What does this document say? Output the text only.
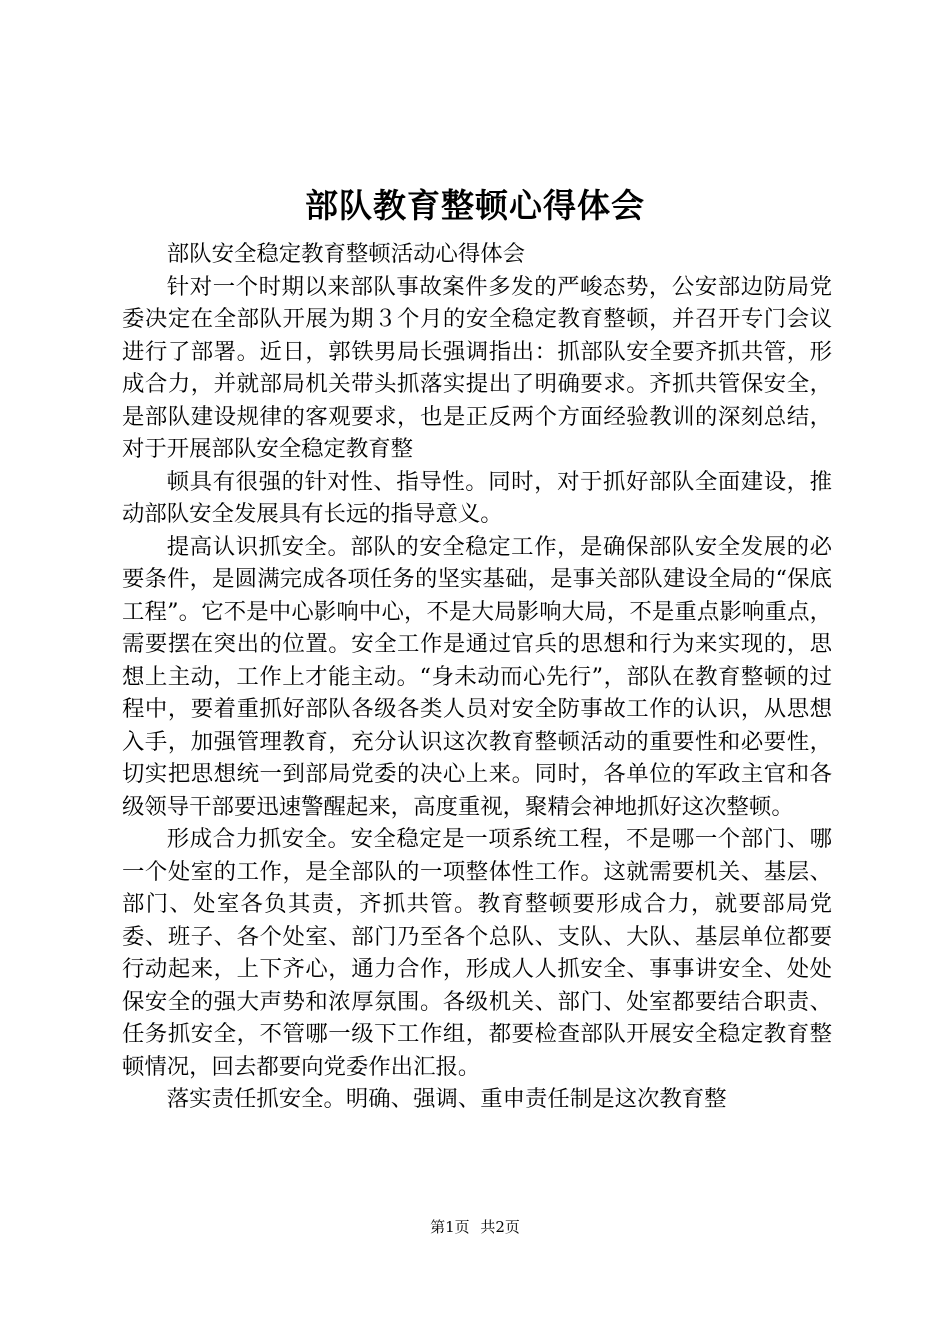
部队教育整顿心得体会

部队安全稳定教育整顿活动心得体会

针对一个时期以来部队事故案件多发的严峻态势，公安部边防局党委决定在全部队开展为期３个月的安全稳定教育整顿，并召开专门会议进行了部署。近日，郭铁男局长强调指出：抓部队安全要齐抓共管，形成合力，并就部局机关带头抓落实提出了明确要求。齐抓共管保安全，是部队建设规律的客观要求，也是正反两个方面经验教训的深刻总结，对于开展部队安全稳定教育整

顿具有很强的针对性、指导性。同时，对于抓好部队全面建设，推动部队安全发展具有长远的指导意义。

提高认识抓安全。部队的安全稳定工作，是确保部队安全发展的必要条件，是圆满完成各项任务的坚实基础，是事关部队建设全局的“保底工程”。它不是中心影响中心，不是大局影响大局，不是重点影响重点，需要摆在突出的位置。安全工作是通过官兵的思想和行为来实现的，思想上主动，工作上才能主动。“身未动而心先行”，部队在教育整顿的过程中，要着重抓好部队各级各类人员对安全防事故工作的认识，从思想入手，加强管理教育，充分认识这次教育整顿活动的重要性和必要性，切实把思想统一到部局党委的决心上来。同时，各单位的军政主官和各级领导干部要迅速警醒起来，高度重视，聚精会神地抓好这次整顿。

形成合力抓安全。安全稳定是一项系统工程，不是哪一个部门、哪一个处室的工作，是全部队的一项整体性工作。这就需要机关、基层、部门、处室各负其责，齐抓共管。教育整顿要形成合力，就要部局党委、班子、各个处室、部门乃至各个总队、支队、大队、基层单位都要行动起来，上下齐心，通力合作，形成人人抓安全、事事讲安全、处处保安全的强大声势和浓厚氛围。各级机关、部门、处室都要结合职责、任务抓安全，不管哪一级下工作组，都要检查部队开展安全稳定教育整顿情况，回去都要向党委作出汇报。

落实责任抓安全。明确、强调、重申责任制是这次教育整

第1页 共2页
